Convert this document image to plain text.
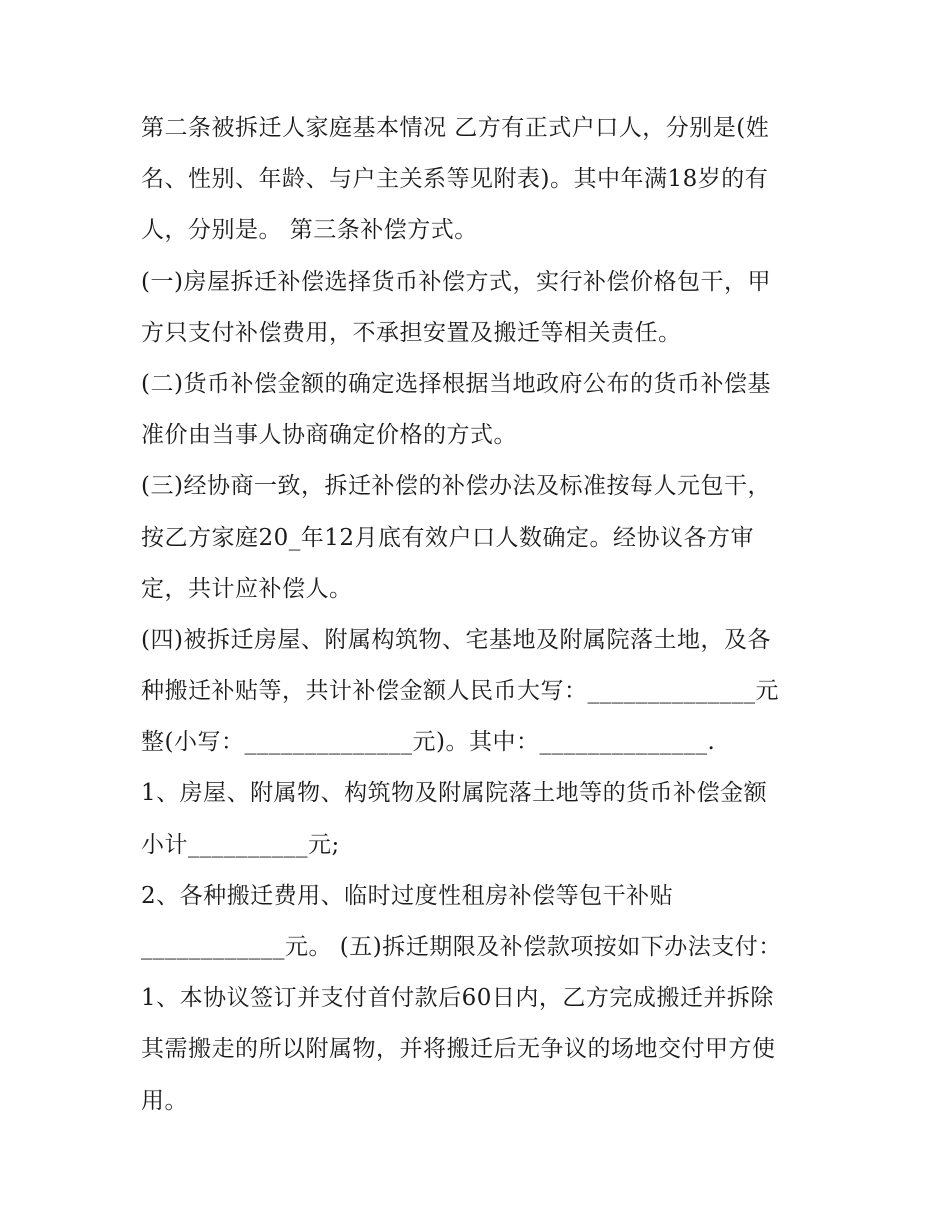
第二条被拆迁人家庭基本情况 乙方有正式户口人，分别是(姓
名、性别、年龄、与户主关系等见附表)。其中年满18岁的有
人，分别是。 第三条补偿方式。
(一)房屋拆迁补偿选择货币补偿方式，实行补偿价格包干，甲
方只支付补偿费用，不承担安置及搬迁等相关责任。
(二)货币补偿金额的确定选择根据当地政府公布的货币补偿基
准价由当事人协商确定价格的方式。
(三)经协商一致，拆迁补偿的补偿办法及标准按每人元包干，
按乙方家庭20_年12月底有效户口人数确定。经协议各方审
定，共计应补偿人。
(四)被拆迁房屋、附属构筑物、宅基地及附属院落土地，及各
种搬迁补贴等，共计补偿金额人民币大写：______________元
整(小写：______________元)。其中：______________.
1、房屋、附属物、构筑物及附属院落土地等的货币补偿金额
小计__________元;
2、各种搬迁费用、临时过度性租房补偿等包干补贴
____________元。 (五)拆迁期限及补偿款项按如下办法支付：
1、本协议签订并支付首付款后60日内，乙方完成搬迁并拆除
其需搬走的所以附属物，并将搬迁后无争议的场地交付甲方使
用。
